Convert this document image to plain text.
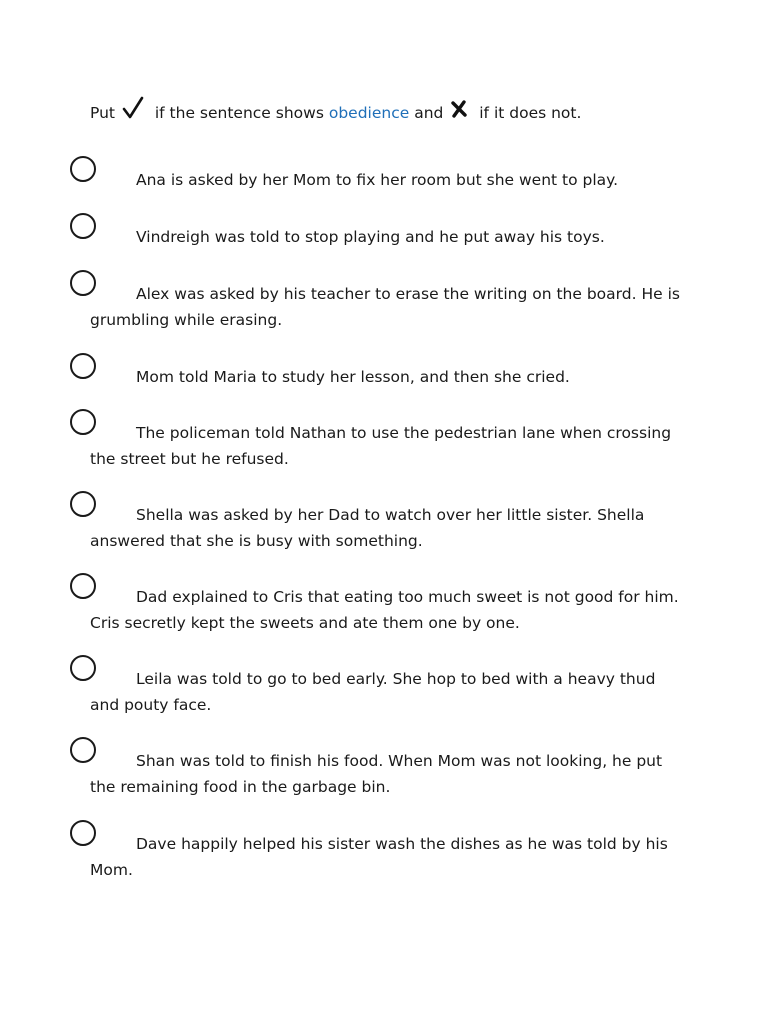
Put	if the sentence shows obedience and if it does not.
Ana is asked by her Mom to fix her room but she went to play.
Vindreigh was told to stop playing and he put away his toys.
Alex was asked by his teacher to erase the writing on the board. He is grumbling while erasing.
Mom told Maria to study her lesson, and then she cried.
The policeman told Nathan to use the pedestrian lane when crossing the street but he refused.
Shella was asked by her Dad to watch over her little sister. Shella answered that she is busy with something.
Dad explained to Cris that eating too much sweet is not good for him. Cris secretly kept the sweets and ate them one by one.
Leila was told to go to bed early. She hop to bed with a heavy thud and pouty face.
Shan was told to finish his food. When Mom was not looking, he put the remaining food in the garbage bin.
Dave happily helped his sister wash the dishes as he was told by his Mom.
